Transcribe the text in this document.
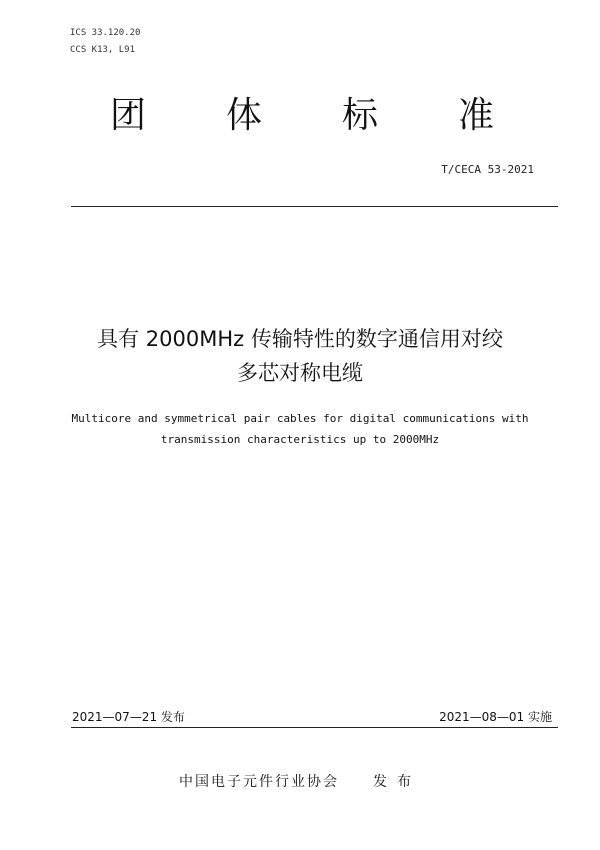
ICS 33.120.20
CCS K13, L91
团 体 标 准
T/CECA 53-2021
具有 2000MHz 传输特性的数字通信用对绞
多芯对称电缆
Multicore and symmetrical pair cables for digital communications with
transmission characteristics up to 2000MHz
2021—07—21 发布	2021—08—01 实施
中国电子元件行业协会 发布
